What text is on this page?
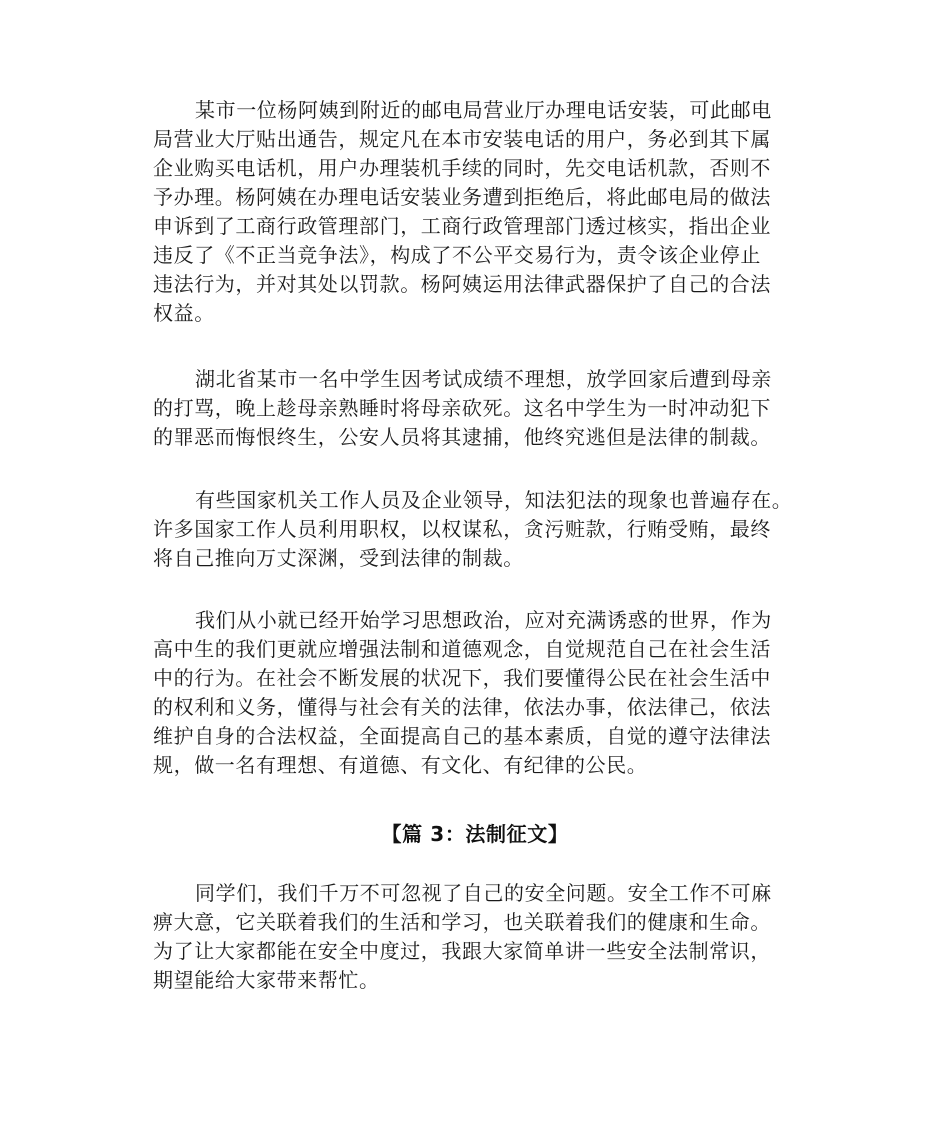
某市一位杨阿姨到附近的邮电局营业厅办理电话安装，可此邮电
局营业大厅贴出通告，规定凡在本市安装电话的用户，务必到其下属
企业购买电话机，用户办理装机手续的同时，先交电话机款，否则不
予办理。杨阿姨在办理电话安装业务遭到拒绝后，将此邮电局的做法
申诉到了工商行政管理部门，工商行政管理部门透过核实，指出企业
违反了《不正当竞争法》，构成了不公平交易行为，责令该企业停止
违法行为，并对其处以罚款。杨阿姨运用法律武器保护了自己的合法
权益。
湖北省某市一名中学生因考试成绩不理想，放学回家后遭到母亲
的打骂，晚上趁母亲熟睡时将母亲砍死。这名中学生为一时冲动犯下
的罪恶而悔恨终生，公安人员将其逮捕，他终究逃但是法律的制裁。
有些国家机关工作人员及企业领导，知法犯法的现象也普遍存在。
许多国家工作人员利用职权，以权谋私，贪污赃款，行贿受贿，最终
将自己推向万丈深渊，受到法律的制裁。
我们从小就已经开始学习思想政治，应对充满诱惑的世界，作为
高中生的我们更就应增强法制和道德观念，自觉规范自己在社会生活
中的行为。在社会不断发展的状况下，我们要懂得公民在社会生活中
的权利和义务，懂得与社会有关的法律，依法办事，依法律己，依法
维护自身的合法权益，全面提高自己的基本素质，自觉的遵守法律法
规，做一名有理想、有道德、有文化、有纪律的公民。
【篇 3：法制征文】
同学们，我们千万不可忽视了自己的安全问题。安全工作不可麻
痹大意，它关联着我们的生活和学习，也关联着我们的健康和生命。
为了让大家都能在安全中度过，我跟大家简单讲一些安全法制常识，
期望能给大家带来帮忙。
